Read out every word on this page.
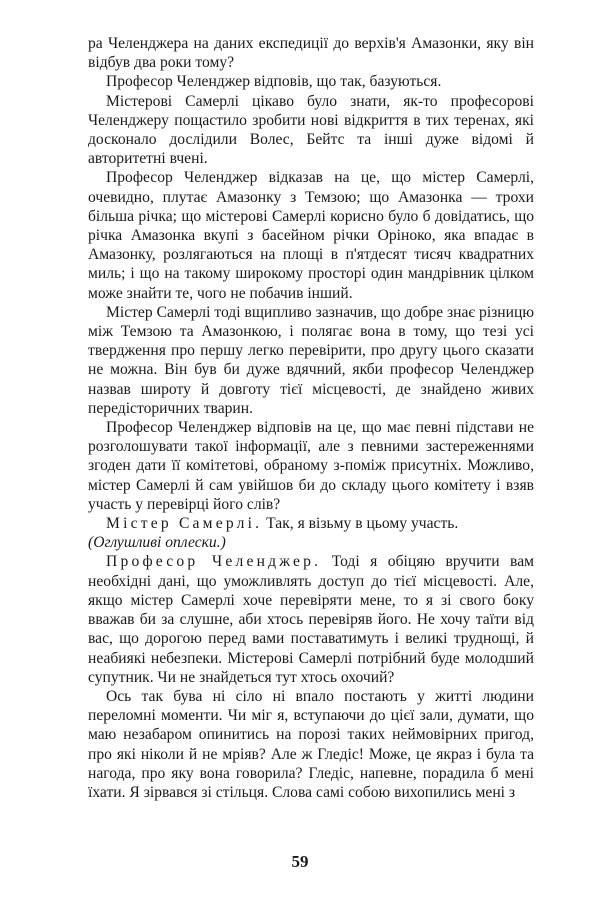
ра Челенджера на даних експедиції до верхів'я Амазонки, яку він відбув два роки тому?

Професор Челенджер відповів, що так, базуються.

Містерові Самерлі цікаво було знати, як-то професорові Челенджеру пощастило зробити нові відкриття в тих теренах, які досконало дослідили Волес, Бейтс та інші дуже відомі й авторитетні вчені.

Професор Челенджер відказав на це, що містер Самерлі, очевидно, плутає Амазонку з Темзою; що Амазонка — трохи більша річка; що містерові Самерлі корисно було б довідатись, що річка Амазонка вкупі з басейном річки Оріноко, яка впадає в Амазонку, розлягаються на площі в п'ятдесят тисяч квадратних миль; і що на такому широкому просторі один мандрівник цілком може знайти те, чого не побачив інший.

Містер Самерлі тоді вщипливо зазначив, що добре знає різницю між Темзою та Амазонкою, і полягає вона в тому, що тезі усі твердження про першу легко перевірити, про другу цього сказати не можна. Він був би дуже вдячний, якби професор Челенджер назвав широту й довготу тієї місцевості, де знайдено живих передісторичних тварин.

Професор Челенджер відповів на це, що має певні підстави не розголошувати такої інформації, але з певними застереженнями згоден дати її комітетові, обраному з-поміж присутніх. Можливо, містер Самерлі й сам увійшов би до складу цього комітету і взяв участь у перевірці його слів?

Містер Самерлі. Так, я візьму в цьому участь.
(Оглушливі оплески.)

Професор Челенджер. Тоді я обіцяю вручити вам необхідні дані, що уможливлять доступ до тієї місцевості. Але, якщо містер Самерлі хоче перевіряти мене, то я зі свого боку вважав би за слушне, аби хтось перевіряв його. Не хочу таїти від вас, що дорогою перед вами поставатимуть і великі труднощі, й неабиякі небезпеки. Містерові Самерлі потрібний буде молодший супутник. Чи не знайдеться тут хтось охочий?

Ось так бува ні сіло ні впало постають у житті людини переломні моменти. Чи міг я, вступаючи до цієї зали, думати, що маю незабаром опинитись на порозі таких неймовірних пригод, про які ніколи й не мріяв? Але ж Гледіс! Може, це якраз і була та нагода, про яку вона говорила? Гледіс, напевне, порадила б мені їхати. Я зірвався зі стільця. Слова самі собою вихопились мені з

59
